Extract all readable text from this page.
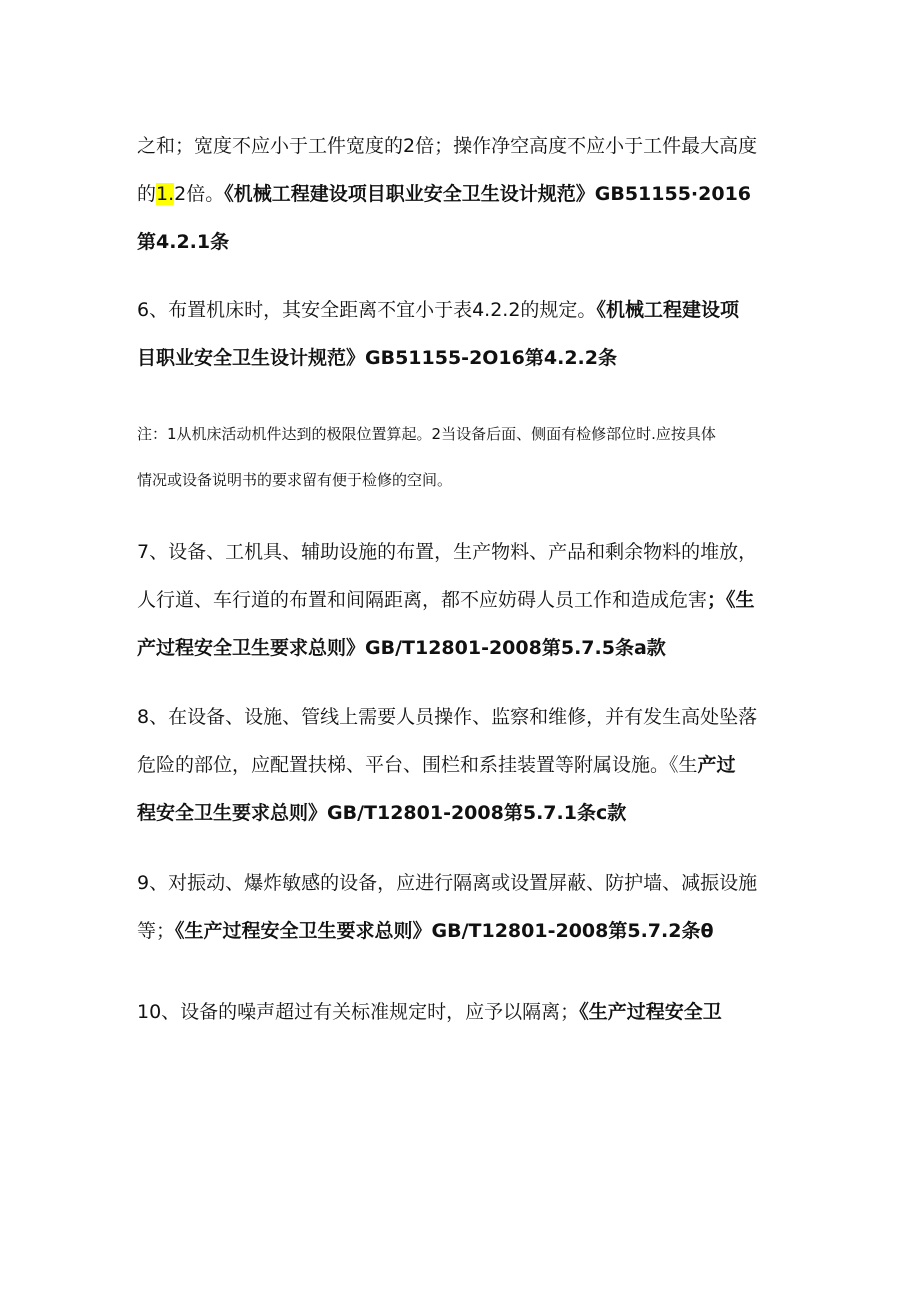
之和；宽度不应小于工件宽度的2倍；操作净空高度不应小于工件最大高度
的1.2倍。《机械工程建设项目职业安全卫生设计规范》GB51155·2016
第4.2.1条
6、布置机床时，其安全距离不宜小于表4.2.2的规定。《机械工程建设项
目职业安全卫生设计规范》GB51155-2O16第4.2.2条
注：1从机床活动机件达到的极限位置算起。2当设备后面、侧面有检修部位时.应按具体
情况或设备说明书的要求留有便于检修的空间。
7、设备、工机具、辅助设施的布置，生产物料、产品和剩余物料的堆放，
人行道、车行道的布置和间隔距离，都不应妨碍人员工作和造成危害；《生
产过程安全卫生要求总则》GB/T12801-2008第5.7.5条a款
8、在设备、设施、管线上需要人员操作、监察和维修，并有发生高处坠落
危险的部位，应配置扶梯、平台、围栏和系挂装置等附属设施。《生产过
程安全卫生要求总则》GB/T12801-2008第5.7.1条c款
9、对振动、爆炸敏感的设备，应进行隔离或设置屏蔽、防护墙、减振设施
等；《生产过程安全卫生要求总则》GB/T12801-2008第5.7.2条θ
10、设备的噪声超过有关标准规定时，应予以隔离；《生产过程安全卫
